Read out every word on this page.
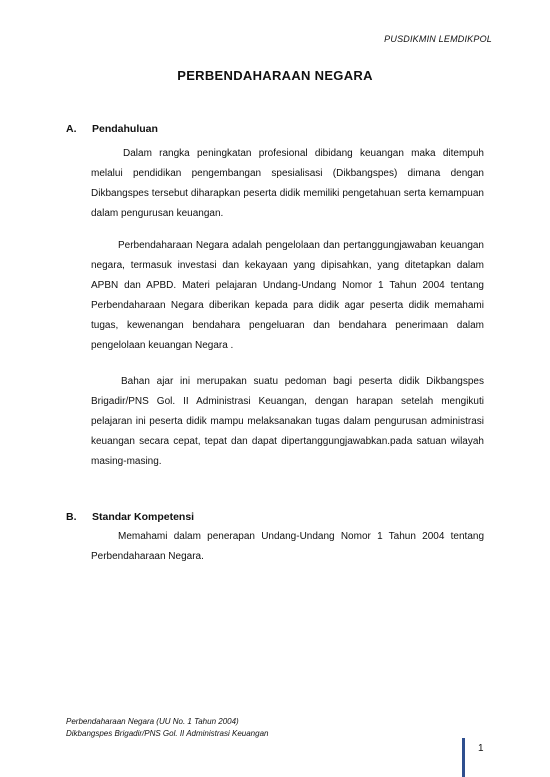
PUSDIKMIN LEMDIKPOL
PERBENDAHARAAN NEGARA
A. Pendahuluan

Dalam rangka peningkatan profesional dibidang keuangan maka ditempuh melalui pendidikan pengembangan spesialisasi (Dikbangspes) dimana dengan Dikbangspes tersebut diharapkan peserta didik memiliki pengetahuan serta kemampuan dalam pengurusan keuangan.

Perbendaharaan Negara adalah pengelolaan dan pertanggungjawaban keuangan negara, termasuk investasi dan kekayaan yang dipisahkan, yang ditetapkan dalam APBN dan APBD. Materi pelajaran Undang-Undang Nomor 1 Tahun 2004 tentang Perbendaharaan Negara diberikan kepada para didik agar peserta didik memahami tugas, kewenangan bendahara pengeluaran dan bendahara penerimaan dalam pengelolaan keuangan Negara .

Bahan ajar ini merupakan suatu pedoman bagi peserta didik Dikbangspes Brigadir/PNS Gol. II Administrasi Keuangan, dengan harapan setelah mengikuti pelajaran ini peserta didik mampu melaksanakan tugas dalam pengurusan administrasi keuangan secara cepat, tepat dan dapat dipertanggungjawabkan.pada satuan wilayah masing-masing.

B. Standar Kompetensi

Memahami dalam penerapan Undang-Undang Nomor 1 Tahun 2004 tentang Perbendaharaan Negara.

Perbendaharaan Negara (UU No. 1 Tahun 2004)
Dikbangspes Brigadir/PNS Gol. II Administrasi Keuangan
1
